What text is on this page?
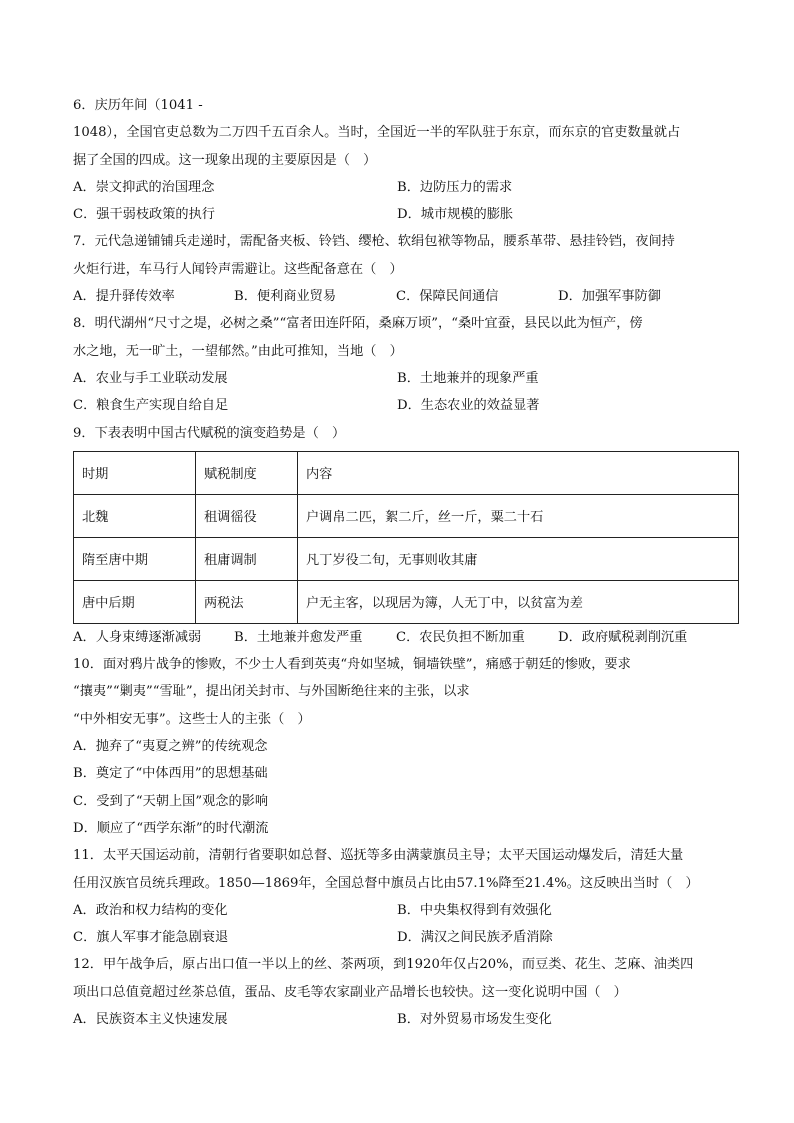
6．庆历年间（1041 -
1048），全国官吏总数为二万四千五百余人。当时，全国近一半的军队驻于东京，而东京的官吏数量就占
据了全国的四成。这一现象出现的主要原因是（　）
A．崇文抑武的治国理念	B．边防压力的需求
C．强干弱枝政策的执行	D．城市规模的膨胀
7．元代急递铺铺兵走递时，需配备夹板、铃铛、缨枪、软绢包袱等物品，腰系革带、悬挂铃铛，夜间持
火炬行进，车马行人闻铃声需避让。这些配备意在（　）
A．提升驿传效率	B．便利商业贸易	C．保障民间通信	D．加强军事防御
8．明代湖州“尺寸之堤，必树之桑”“富者田连阡陌，桑麻万顷”，“桑叶宜蚕，县民以此为恒产，傍
水之地，无一旷土，一望郁然。”由此可推知，当地（　）
A．农业与手工业联动发展	B．土地兼并的现象严重
C．粮食生产实现自给自足	D．生态农业的效益显著
9．下表表明中国古代赋税的演变趋势是（　）
时期	赋税制度	内容
北魏	租调徭役	户调帛二匹，絮二斤，丝一斤，粟二十石
隋至唐中期	租庸调制	凡丁岁役二旬，无事则收其庸
唐中后期	两税法	户无主客，以现居为簿，人无丁中，以贫富为差
A．人身束缚逐渐减弱	B．土地兼并愈发严重	C．农民负担不断加重	D．政府赋税剥削沉重
10．面对鸦片战争的惨败，不少士人看到英夷“舟如坚城，铜墙铁壁”，痛感于朝廷的惨败，要求
“攘夷”“剿夷”“雪耻”，提出闭关封市、与外国断绝往来的主张，以求
“中外相安无事”。这些士人的主张（　）
A．抛弃了“夷夏之辨”的传统观念
B．奠定了“中体西用”的思想基础
C．受到了“天朝上国”观念的影响
D．顺应了“西学东渐”的时代潮流
11．太平天国运动前，清朝行省要职如总督、巡抚等多由满蒙旗员主导；太平天国运动爆发后，清廷大量
任用汉族官员统兵理政。1850—1869年，全国总督中旗员占比由57.1%降至21.4%。这反映出当时（　）
A．政治和权力结构的变化	B．中央集权得到有效强化
C．旗人军事才能急剧衰退	D．满汉之间民族矛盾消除
12．甲午战争后，原占出口值一半以上的丝、茶两项，到1920年仅占20%，而豆类、花生、芝麻、油类四
项出口总值竟超过丝茶总值，蛋品、皮毛等农家副业产品增长也较快。这一变化说明中国（　）
A．民族资本主义快速发展	B．对外贸易市场发生变化
